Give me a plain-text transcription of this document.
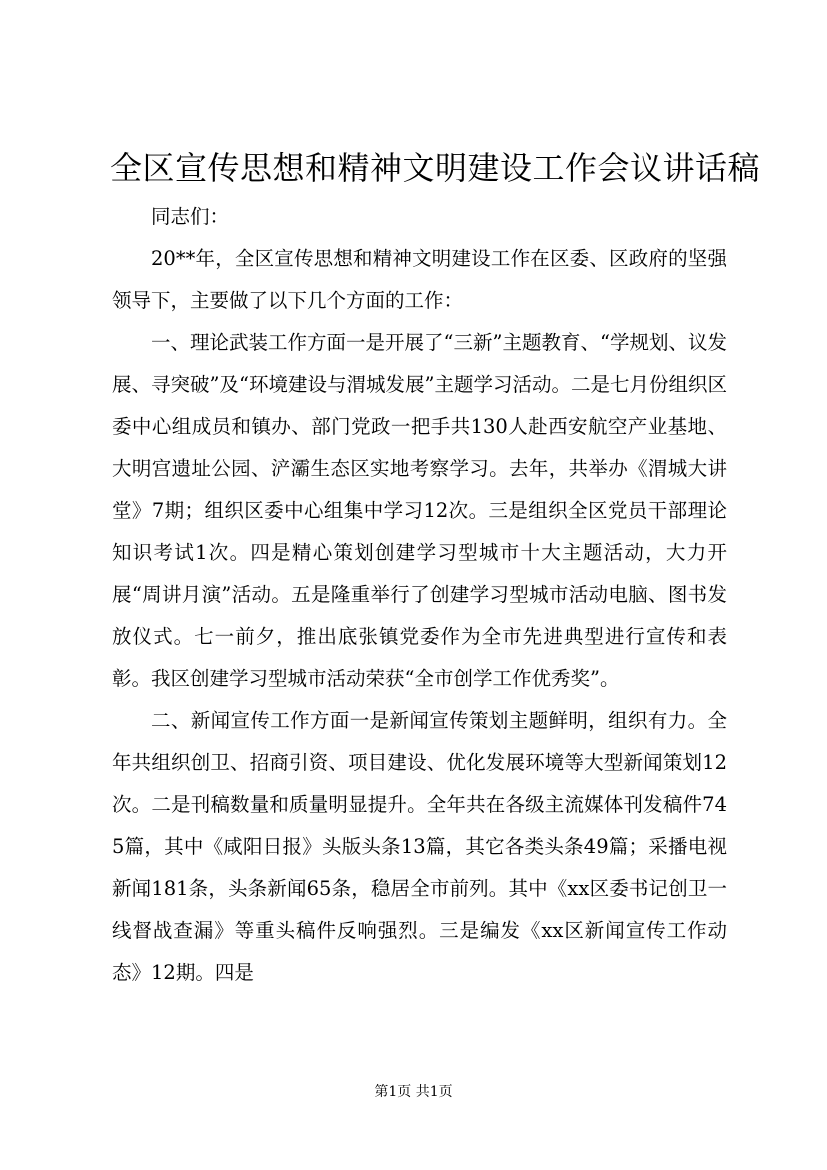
全区宣传思想和精神文明建设工作会议讲话稿

同志们：

20**年，全区宣传思想和精神文明建设工作在区委、区政府的坚强领导下，主要做了以下几个方面的工作：

一、理论武装工作方面一是开展了“三新”主题教育、“学规划、议发展、寻突破”及“环境建设与渭城发展”主题学习活动。二是七月份组织区委中心组成员和镇办、部门党政一把手共130人赴西安航空产业基地、大明宫遗址公园、浐灞生态区实地考察学习。去年，共举办《渭城大讲堂》7期；组织区委中心组集中学习12次。三是组织全区党员干部理论知识考试1次。四是精心策划创建学习型城市十大主题活动，大力开展“周讲月演”活动。五是隆重举行了创建学习型城市活动电脑、图书发放仪式。七一前夕，推出底张镇党委作为全市先进典型进行宣传和表彰。我区创建学习型城市活动荣获“全市创学工作优秀奖”。

二、新闻宣传工作方面一是新闻宣传策划主题鲜明，组织有力。全年共组织创卫、招商引资、项目建设、优化发展环境等大型新闻策划12次。二是刊稿数量和质量明显提升。全年共在各级主流媒体刊发稿件745篇，其中《咸阳日报》头版头条13篇，其它各类头条49篇；采播电视新闻181条，头条新闻65条，稳居全市前列。其中《xx区委书记创卫一线督战查漏》等重头稿件反响强烈。三是编发《xx区新闻宣传工作动态》12期。四是

第1页 共1页
